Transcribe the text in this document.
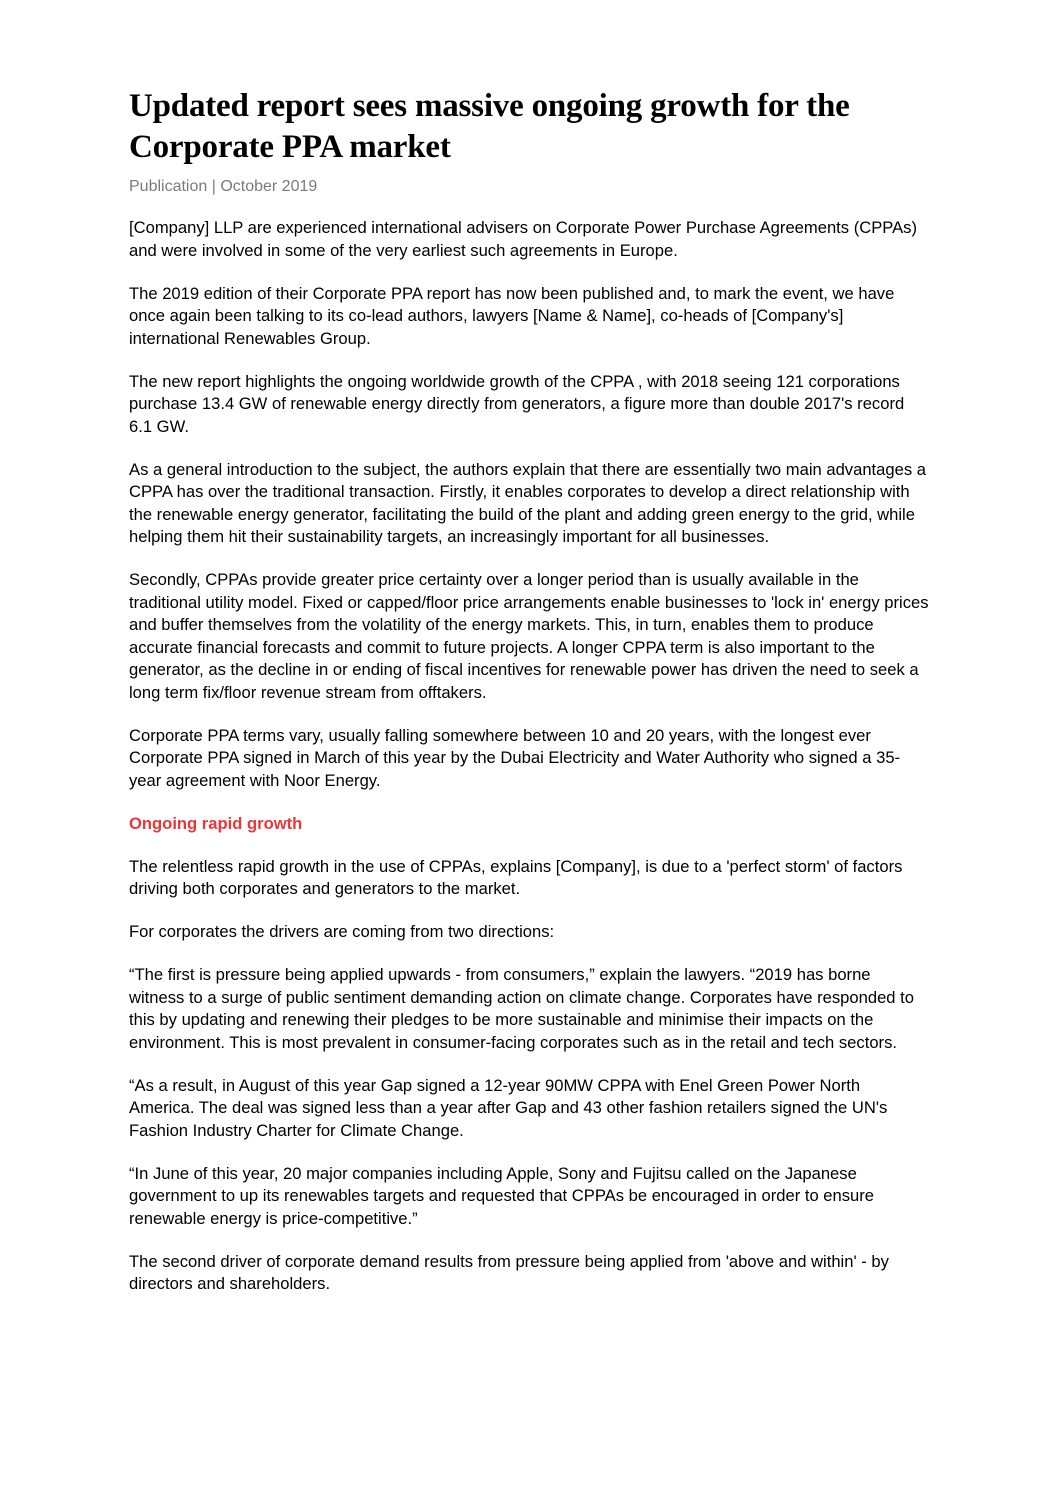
Updated report sees massive ongoing growth for the Corporate PPA market

Publication | October 2019

[Company] LLP are experienced international advisers on Corporate Power Purchase Agreements (CPPAs) and were involved in some of the very earliest such agreements in Europe.

The 2019 edition of their Corporate PPA report has now been published and, to mark the event, we have once again been talking to its co-lead authors, lawyers [Name & Name], co-heads of [Company's] international Renewables Group.

The new report highlights the ongoing worldwide growth of the CPPA , with 2018 seeing 121 corporations purchase 13.4 GW of renewable energy directly from generators, a figure more than double 2017's record 6.1 GW.

As a general introduction to the subject, the authors explain that there are essentially two main advantages a CPPA has over the traditional transaction. Firstly, it enables corporates to develop a direct relationship with the renewable energy generator, facilitating the build of the plant and adding green energy to the grid, while helping them hit their sustainability targets, an increasingly important for all businesses.

Secondly, CPPAs provide greater price certainty over a longer period than is usually available in the traditional utility model. Fixed or capped/floor price arrangements enable businesses to 'lock in' energy prices and buffer themselves from the volatility of the energy markets. This, in turn, enables them to produce accurate financial forecasts and commit to future projects. A longer CPPA term is also important to the generator, as the decline in or ending of fiscal incentives for renewable power has driven the need to seek a long term fix/floor revenue stream from offtakers.

Corporate PPA terms vary, usually falling somewhere between 10 and 20 years, with the longest ever Corporate PPA signed in March of this year by the Dubai Electricity and Water Authority who signed a 35-year agreement with Noor Energy.

Ongoing rapid growth

The relentless rapid growth in the use of CPPAs, explains [Company], is due to a 'perfect storm' of factors driving both corporates and generators to the market.

For corporates the drivers are coming from two directions:

“The first is pressure being applied upwards - from consumers,” explain the lawyers. “2019 has borne witness to a surge of public sentiment demanding action on climate change. Corporates have responded to this by updating and renewing their pledges to be more sustainable and minimise their impacts on the environment. This is most prevalent in consumer-facing corporates such as in the retail and tech sectors.

“As a result, in August of this year Gap signed a 12-year 90MW CPPA with Enel Green Power North America. The deal was signed less than a year after Gap and 43 other fashion retailers signed the UN's Fashion Industry Charter for Climate Change.

“In June of this year, 20 major companies including Apple, Sony and Fujitsu called on the Japanese government to up its renewables targets and requested that CPPAs be encouraged in order to ensure renewable energy is price-competitive.”

The second driver of corporate demand results from pressure being applied from 'above and within' - by directors and shareholders.
